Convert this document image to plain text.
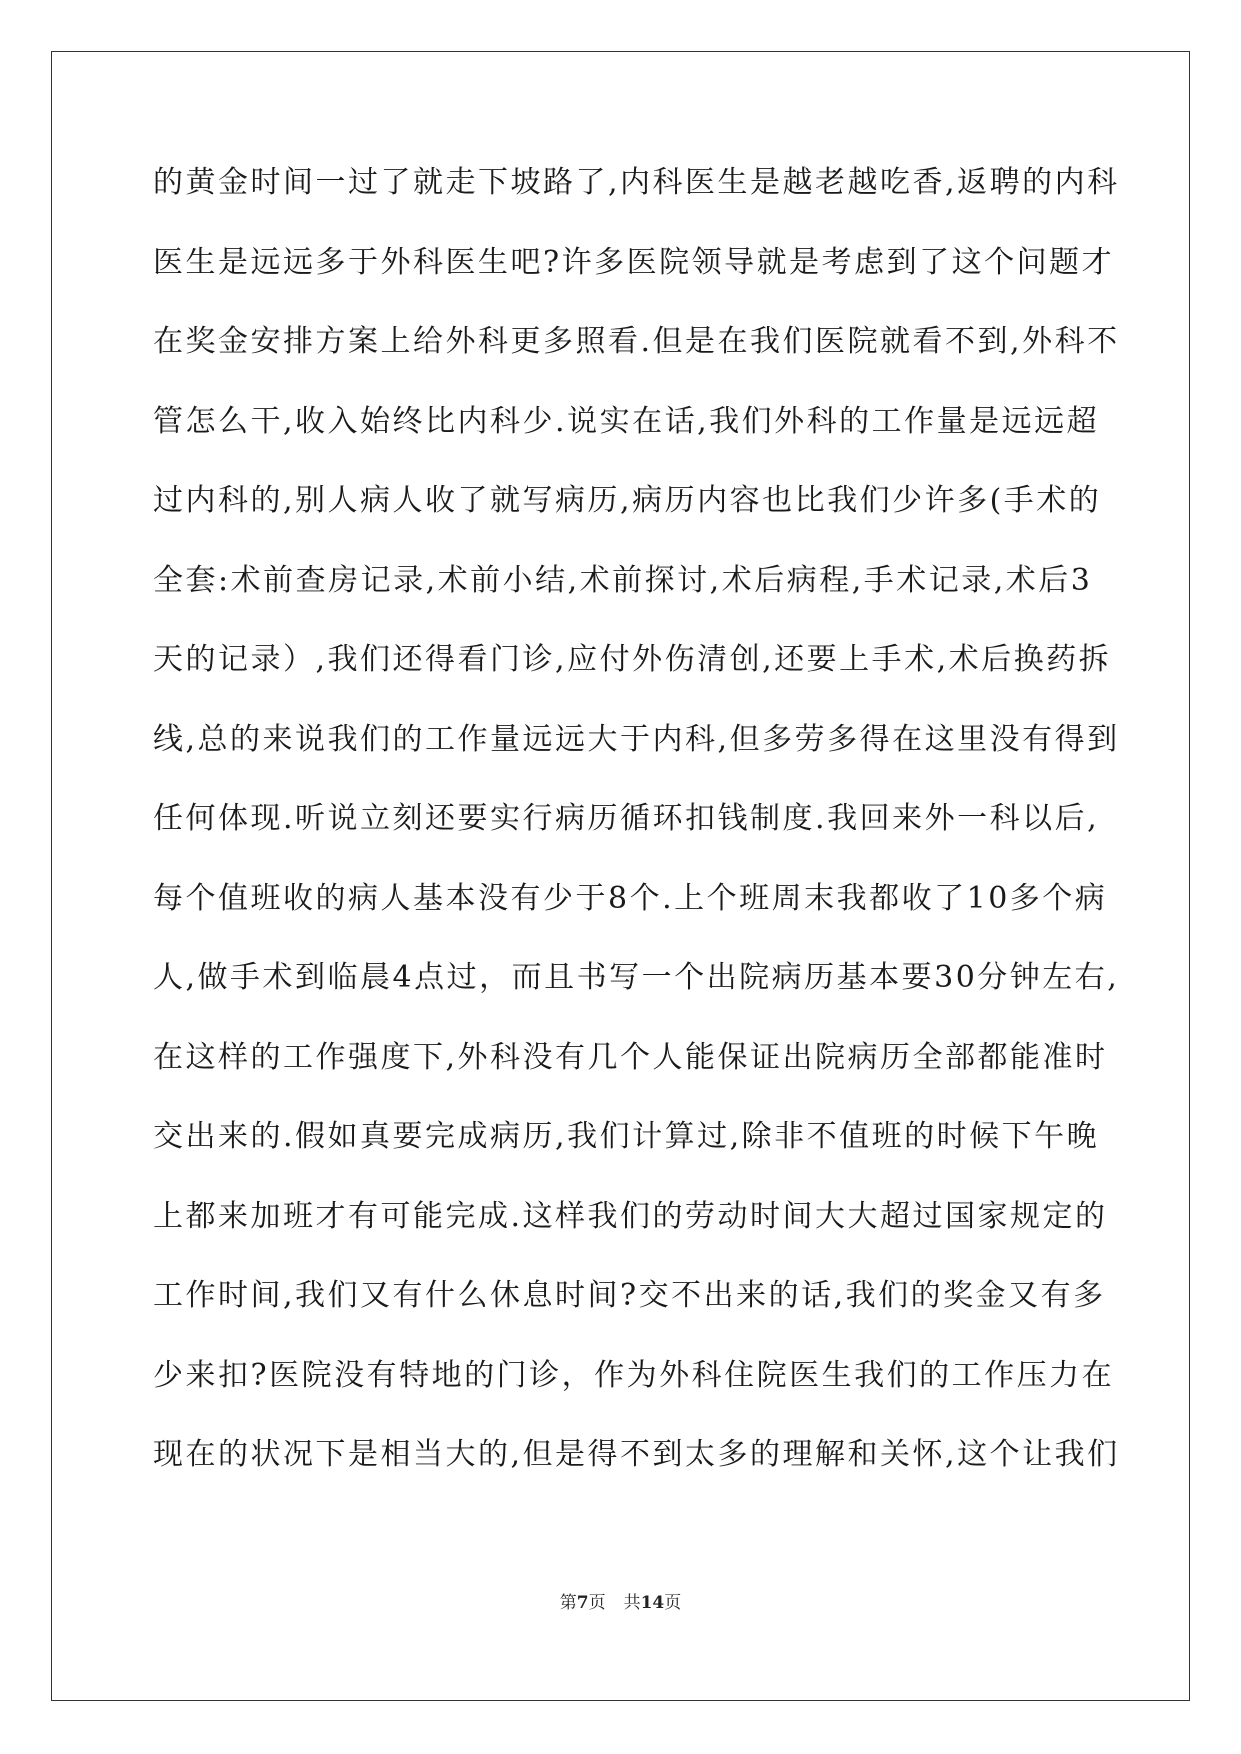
的黄金时间一过了就走下坡路了,内科医生是越老越吃香,返聘的内科
医生是远远多于外科医生吧?许多医院领导就是考虑到了这个问题才
在奖金安排方案上给外科更多照看.但是在我们医院就看不到,外科不
管怎么干,收入始终比内科少.说实在话,我们外科的工作量是远远超
过内科的,别人病人收了就写病历,病历内容也比我们少许多(手术的
全套:术前查房记录,术前小结,术前探讨,术后病程,手术记录,术后3
天的记录）,我们还得看门诊,应付外伤清创,还要上手术,术后换药拆
线,总的来说我们的工作量远远大于内科,但多劳多得在这里没有得到
任何体现.听说立刻还要实行病历循环扣钱制度.我回来外一科以后,
每个值班收的病人基本没有少于8个.上个班周末我都收了10多个病
人,做手术到临晨4点过，而且书写一个出院病历基本要30分钟左右,
在这样的工作强度下,外科没有几个人能保证出院病历全部都能准时
交出来的.假如真要完成病历,我们计算过,除非不值班的时候下午晚
上都来加班才有可能完成.这样我们的劳动时间大大超过国家规定的
工作时间,我们又有什么休息时间?交不出来的话,我们的奖金又有多
少来扣?医院没有特地的门诊，作为外科住院医生我们的工作压力在
现在的状况下是相当大的,但是得不到太多的理解和关怀,这个让我们
第7页 共14页
